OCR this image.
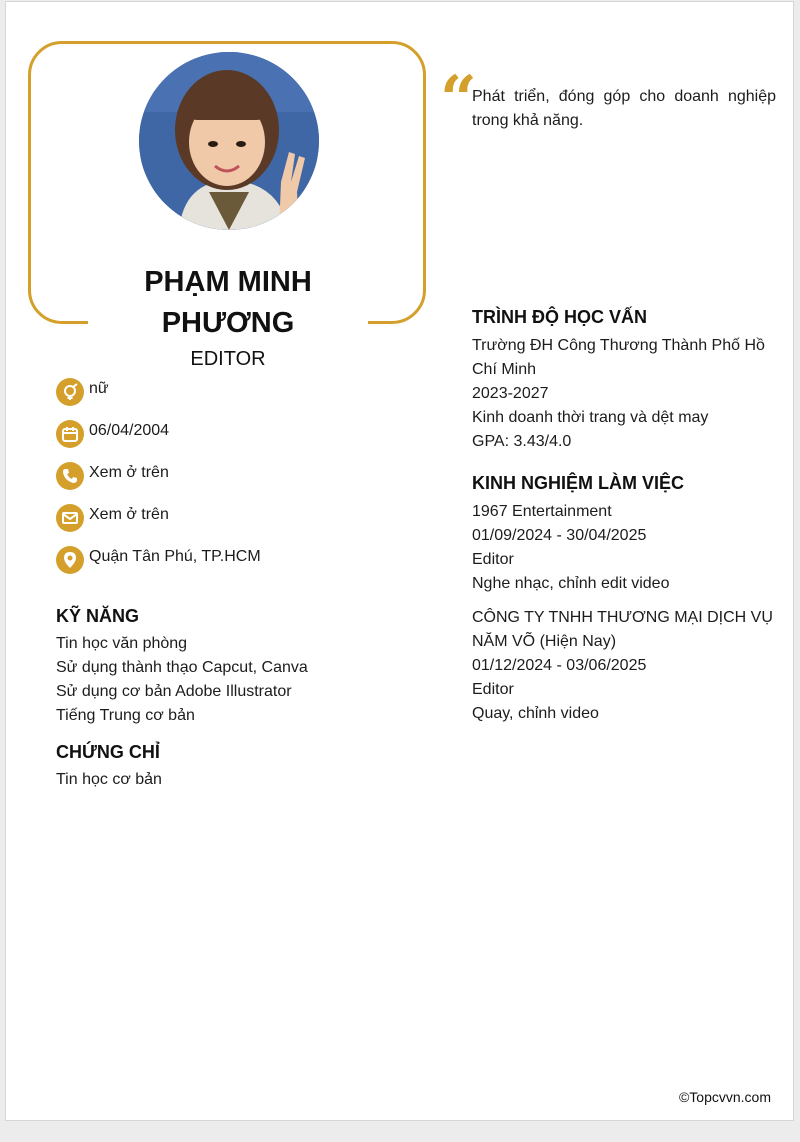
PHẠM MINH
PHƯƠNG
EDITOR
nữ
06/04/2004
Xem ở trên
Xem ở trên
Quận Tân Phú, TP.HCM
KỸ NĂNG
Tin học văn phòng
Sử dụng thành thạo Capcut, Canva
Sử dụng cơ bản Adobe Illustrator
Tiếng Trung cơ bản
CHỨNG CHỈ
Tin học cơ bản
“
Phát triển, đóng góp cho doanh nghiệp trong khả năng.
TRÌNH ĐỘ HỌC VẤN
Trường ĐH Công Thương Thành Phố Hồ
Chí Minh
2023-2027
Kinh doanh thời trang và dệt may
GPA: 3.43/4.0
KINH NGHIỆM LÀM VIỆC
1967 Entertainment
01/09/2024 - 30/04/2025
Editor
Nghe nhạc, chỉnh edit video
CÔNG TY TNHH THƯƠNG MẠI DỊCH VỤ
NĂM VÕ (Hiện Nay)
01/12/2024 - 03/06/2025
Editor
Quay, chỉnh video
©Topcvvn.com
